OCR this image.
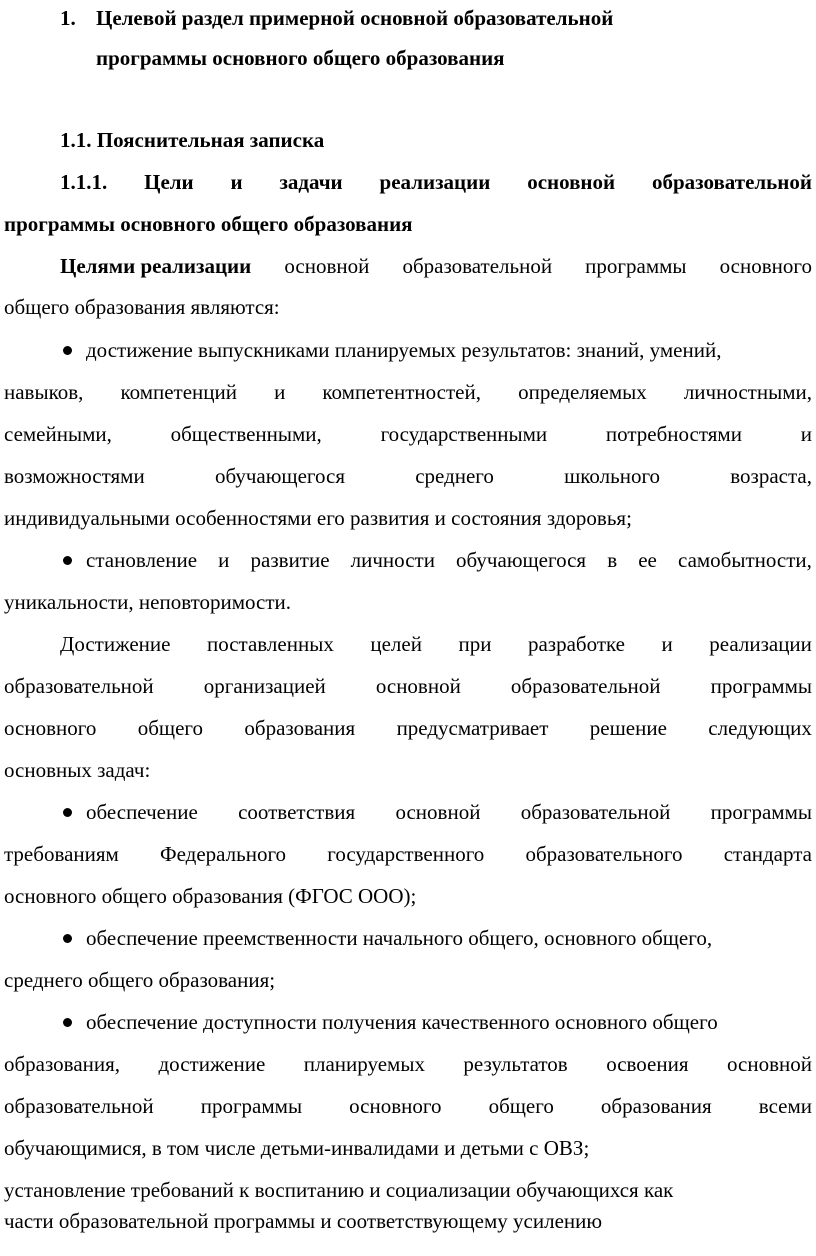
1. Целевой раздел примерной основной образовательной
программы основного общего образования
1.1. Пояснительная записка
1.1.1. Цели и задачи реализации основной образовательной
программы основного общего образования
Целями реализации основной образовательной программы основного
общего образования являются:
достижение выпускниками планируемых результатов: знаний, умений,
навыков, компетенций и компетентностей, определяемых личностными,
семейными,	общественными,	государственными	потребностями	и
возможностями	обучающегося	среднего	школьного	возраста,
индивидуальными особенностями его развития и состояния здоровья;
становление и развитие личности обучающегося в ее самобытности,
уникальности, неповторимости.
Достижение поставленных целей при разработке и реализации
образовательной организацией основной образовательной программы
основного общего образования предусматривает решение следующих
основных задач:
обеспечение соответствия основной образовательной программы
требованиям Федерального государственного образовательного стандарта
основного общего образования (ФГОС ООО);
обеспечение преемственности начального общего, основного общего,
среднего общего образования;
обеспечение доступности получения качественного основного общего
образования, достижение планируемых результатов освоения основной
образовательной программы основного общего образования всеми
обучающимися, в том числе детьми-инвалидами и детьми с ОВЗ;
установление требований к воспитанию и социализации обучающихся как
части образовательной программы и соответствующему усилению
